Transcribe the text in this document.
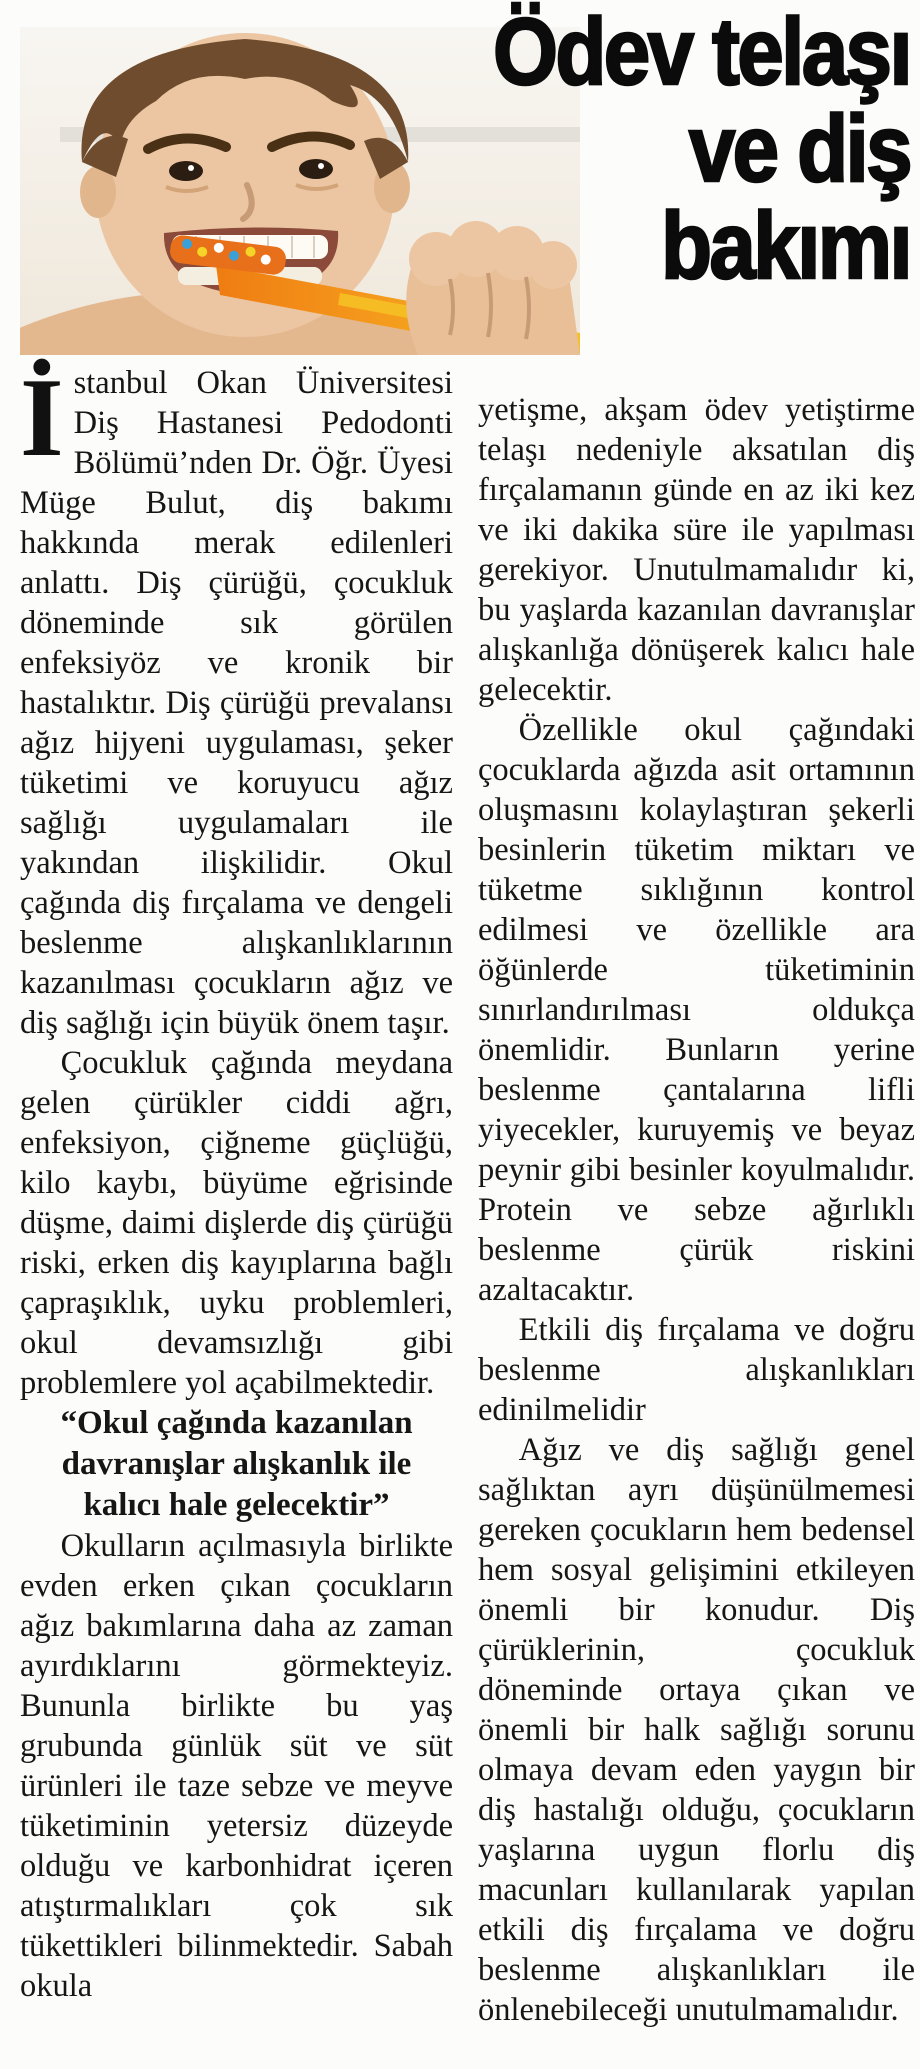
Ödev telaşı
ve diş
bakımı

İstanbul Okan Üniversitesi Diş Hastanesi Pedodonti Bölümü’nden Dr. Öğr. Üyesi Müge Bulut, diş bakımı hakkında merak edilenleri anlattı. Diş çürüğü, çocukluk döneminde sık görülen enfeksiyöz ve kronik bir hastalıktır. Diş çürüğü prevalansı ağız hijyeni uygulaması, şeker tüketimi ve koruyucu ağız sağlığı uygulamaları ile yakından ilişkilidir. Okul çağında diş fırçalama ve dengeli beslenme alışkanlıklarının kazanılması çocukların ağız ve diş sağlığı için büyük önem taşır.

Çocukluk çağında meydana gelen çürükler ciddi ağrı, enfeksiyon, çiğneme güçlüğü, kilo kaybı, büyüme eğrisinde düşme, daimi dişlerde diş çürüğü riski, erken diş kayıplarına bağlı çapraşıklık, uyku problemleri, okul devamsızlığı gibi problemlere yol açabilmektedir.

“Okul çağında kazanılan davranışlar alışkanlık ile kalıcı hale gelecektir”

Okulların açılmasıyla birlikte evden erken çıkan çocukların ağız bakımlarına daha az zaman ayırdıklarını görmekteyiz. Bununla birlikte bu yaş grubunda günlük süt ve süt ürünleri ile taze sebze ve meyve tüketiminin yetersiz düzeyde olduğu ve karbonhidrat içeren atıştırmalıkları çok sık tükettikleri bilinmektedir. Sabah okula

yetişme, akşam ödev yetiştirme telaşı nedeniyle aksatılan diş fırçalamanın günde en az iki kez ve iki dakika süre ile yapılması gerekiyor. Unutulmamalıdır ki, bu yaşlarda kazanılan davranışlar alışkanlığa dönüşerek kalıcı hale gelecektir.

Özellikle okul çağındaki çocuklarda ağızda asit ortamının oluşmasını kolaylaştıran şekerli besinlerin tüketim miktarı ve tüketme sıklığının kontrol edilmesi ve özellikle ara öğünlerde tüketiminin sınırlandırılması oldukça önemlidir. Bunların yerine beslenme çantalarına lifli yiyecekler, kuruyemiş ve beyaz peynir gibi besinler koyulmalıdır. Protein ve sebze ağırlıklı beslenme çürük riskini azaltacaktır.

Etkili diş fırçalama ve doğru beslenme alışkanlıkları edinilmelidir

Ağız ve diş sağlığı genel sağlıktan ayrı düşünülmemesi gereken çocukların hem bedensel hem sosyal gelişimini etkileyen önemli bir konudur. Diş çürüklerinin, çocukluk döneminde ortaya çıkan ve önemli bir halk sağlığı sorunu olmaya devam eden yaygın bir diş hastalığı olduğu, çocukların yaşlarına uygun florlu diş macunları kullanılarak yapılan etkili diş fırçalama ve doğru beslenme alışkanlıkları ile önlenebileceği unutulmamalıdır.
